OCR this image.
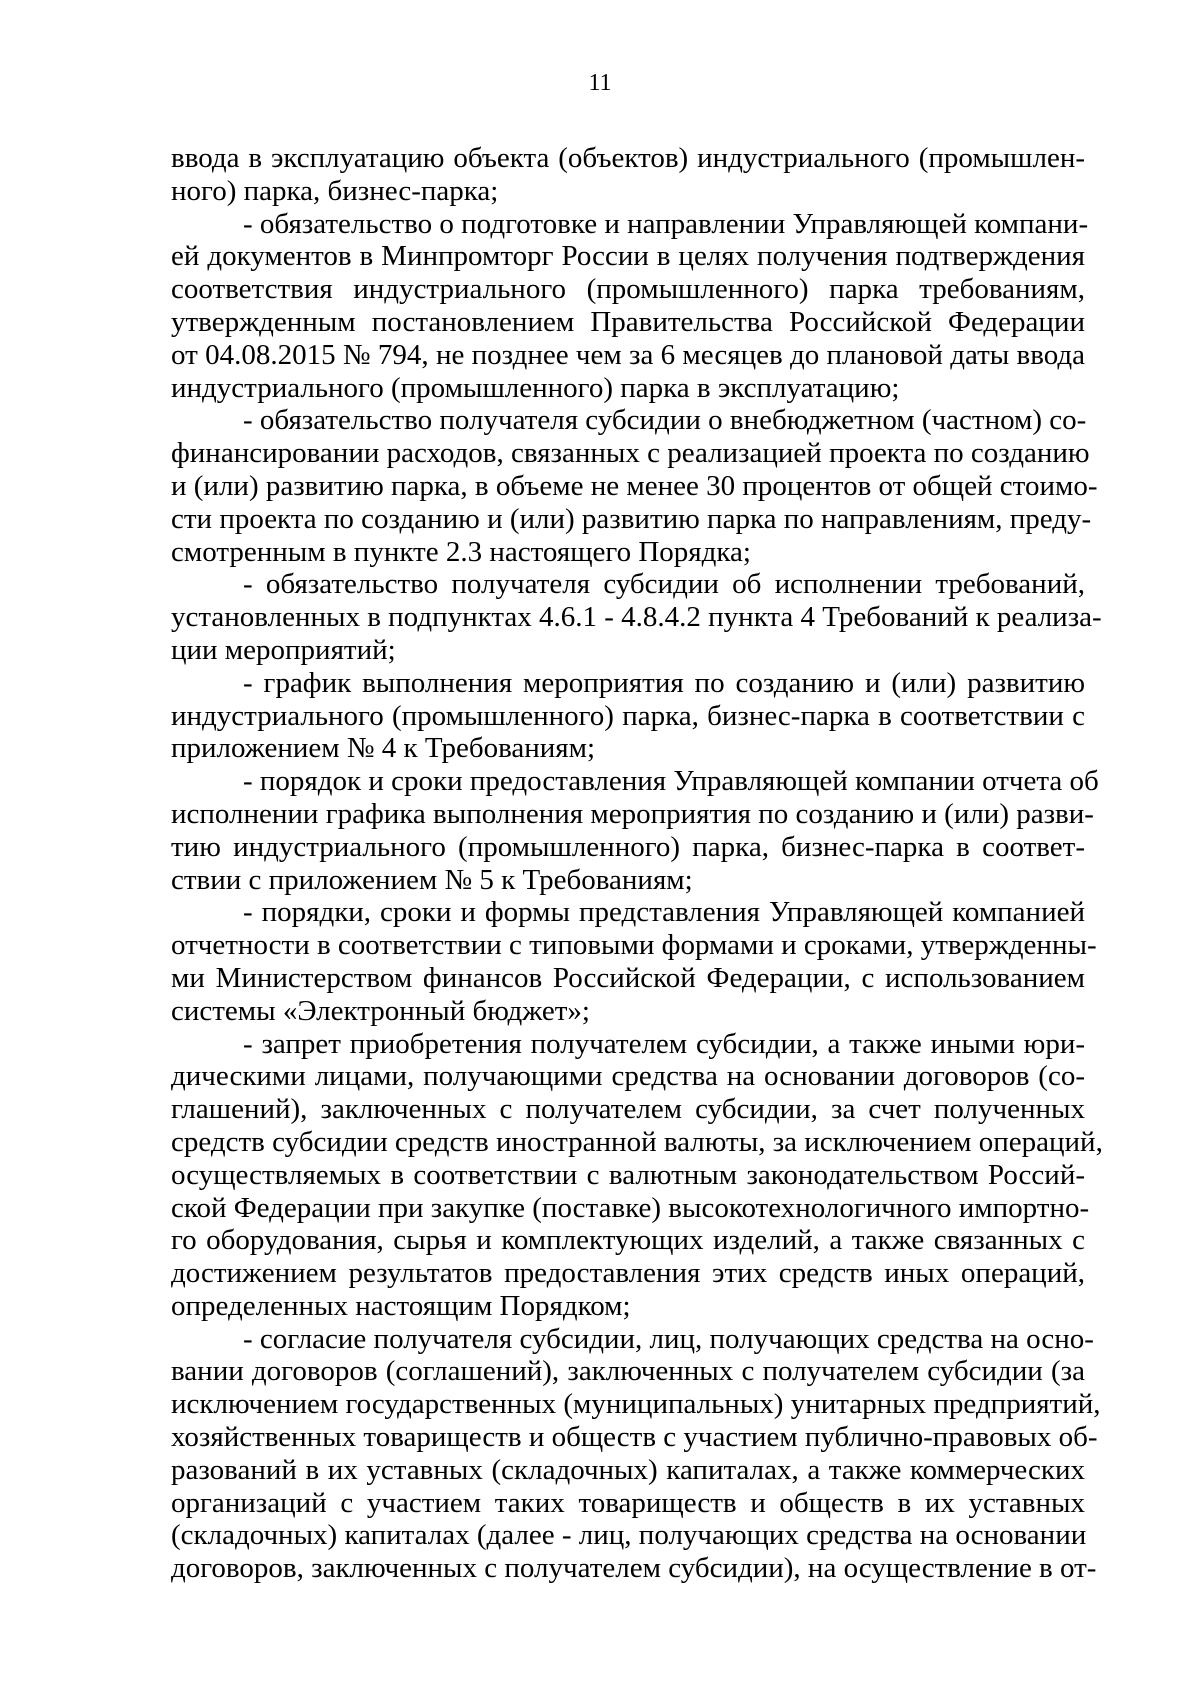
11
ввода в эксплуатацию объекта (объектов) индустриального (промышлен-
ного) парка, бизнес-парка;
- обязательство о подготовке и направлении Управляющей компани-
ей документов в Минпромторг России в целях получения подтверждения
соответствия индустриального (промышленного) парка требованиям,
утвержденным постановлением Правительства Российской Федерации
от 04.08.2015 № 794, не позднее чем за 6 месяцев до плановой даты ввода
индустриального (промышленного) парка в эксплуатацию;
- обязательство получателя субсидии о внебюджетном (частном) со-
финансировании расходов, связанных с реализацией проекта по созданию
и (или) развитию парка, в объеме не менее 30 процентов от общей стоимо-
сти проекта по созданию и (или) развитию парка по направлениям, преду-
смотренным в пункте 2.3 настоящего Порядка;
- обязательство получателя субсидии об исполнении требований,
установленных в подпунктах 4.6.1 - 4.8.4.2 пункта 4 Требований к реализа-
ции мероприятий;
- график выполнения мероприятия по созданию и (или) развитию
индустриального (промышленного) парка, бизнес-парка в соответствии с
приложением № 4 к Требованиям;
- порядок и сроки предоставления Управляющей компании отчета об
исполнении графика выполнения мероприятия по созданию и (или) разви-
тию индустриального (промышленного) парка, бизнес-парка в соответ-
ствии с приложением № 5 к Требованиям;
- порядки, сроки и формы представления Управляющей компанией
отчетности в соответствии с типовыми формами и сроками, утвержденны-
ми Министерством финансов Российской Федерации, с использованием
системы «Электронный бюджет»;
- запрет приобретения получателем субсидии, а также иными юри-
дическими лицами, получающими средства на основании договоров (со-
глашений), заключенных с получателем субсидии, за счет полученных
средств субсидии средств иностранной валюты, за исключением операций,
осуществляемых в соответствии с валютным законодательством Россий-
ской Федерации при закупке (поставке) высокотехнологичного импортно-
го оборудования, сырья и комплектующих изделий, а также связанных с
достижением результатов предоставления этих средств иных операций,
определенных настоящим Порядком;
- согласие получателя субсидии, лиц, получающих средства на осно-
вании договоров (соглашений), заключенных с получателем субсидии (за
исключением государственных (муниципальных) унитарных предприятий,
хозяйственных товариществ и обществ с участием публично-правовых об-
разований в их уставных (складочных) капиталах, а также коммерческих
организаций с участием таких товариществ и обществ в их уставных
(складочных) капиталах (далее - лиц, получающих средства на основании
договоров, заключенных с получателем субсидии), на осуществление в от-
